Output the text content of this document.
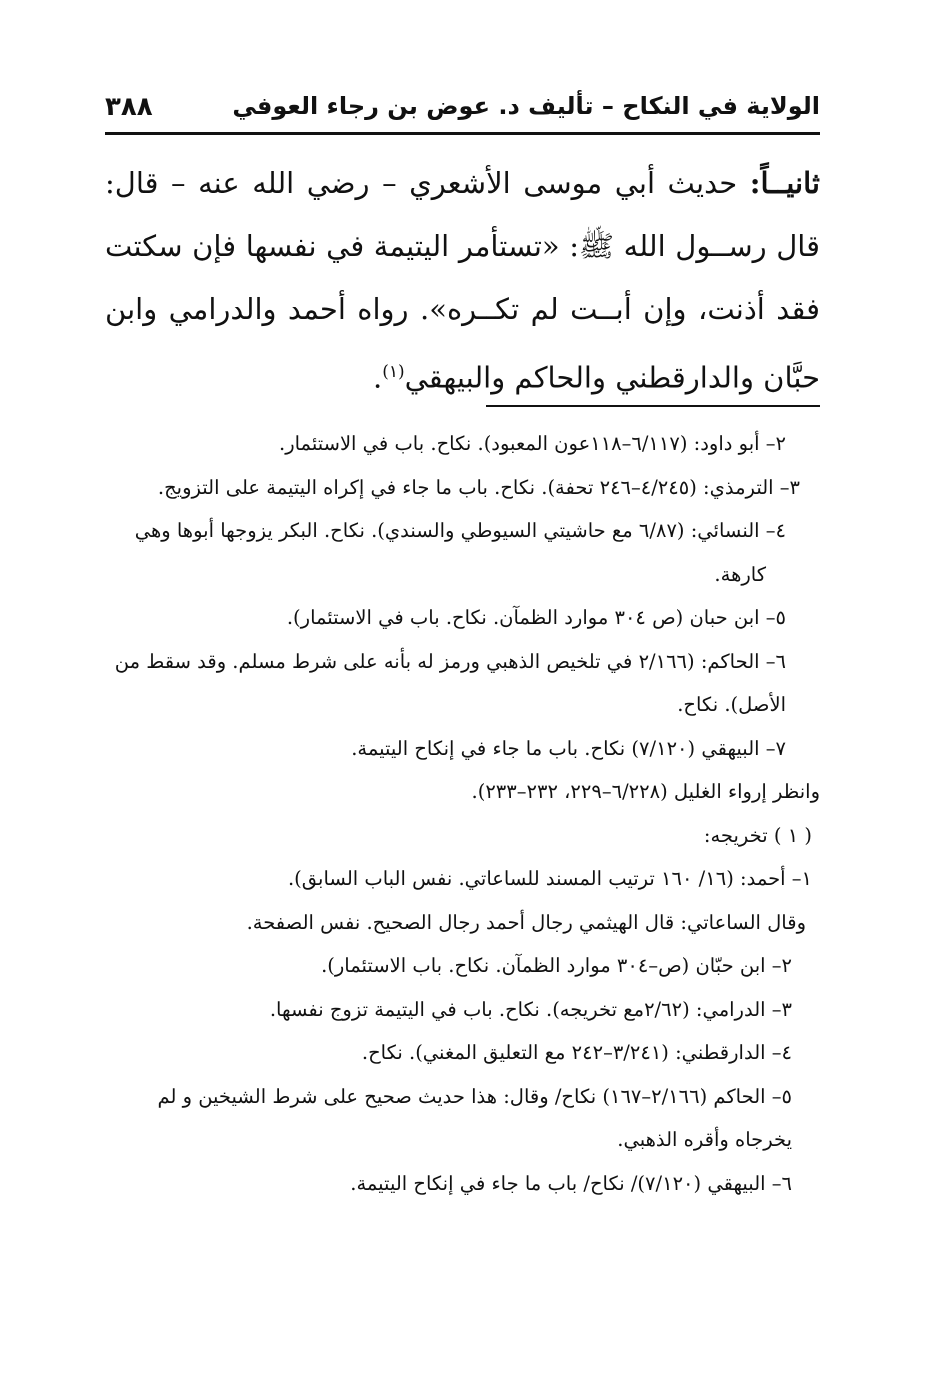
الولاية في النكاح – تأليف د. عوض بن رجاء العوفي
٣٨٨
ثانيــاً: حديث أبي موسى الأشعري – رضي الله عنه – قال: قال رســول الله ﷺ: «تستأمر اليتيمة في نفسها فإن سكتت فقد أذنت، وإن أبــت لم تكــره». رواه أحمد والدرامي وابن حبَّان والدارقطني والحاكم والبيهقي$^{(١)}$.
٢– أبو داود: (٦/١١٧–١١٨عون المعبود). نكاح. باب في الاستئمار.
٣– الترمذي: (٤/٢٤٥–٢٤٦ تحفة). نكاح. باب ما جاء في إكراه اليتيمة على التزويج.
٤– النسائي: (٦/٨٧ مع حاشيتي السيوطي والسندي). نكاح. البكر يزوجها أبوها وهي كارهة.
٥– ابن حبان (ص ٣٠٤ موارد الظمآن. نكاح. باب في الاستئمار).
٦– الحاكم: (٢/١٦٦ في تلخيص الذهبي ورمز له بأنه على شرط مسلم. وقد سقط من الأصل). نكاح.
٧– البيهقي (٧/١٢٠) نكاح. باب ما جاء في إنكاح اليتيمة.
وانظر إرواء الغليل (٦/٢٢٨–٢٢٩، ٢٣٢–٢٣٣).
( ١ ) تخريجه:
١– أحمد: (١٦/ ١٦٠ ترتيب المسند للساعاتي. نفس الباب السابق).
وقال الساعاتي: قال الهيثمي رجال أحمد رجال الصحيح. نفس الصفحة.
٢– ابن حبّان (ص–٣٠٤ موارد الظمآن. نكاح. باب الاستئمار).
٣– الدرامي: (٢/٦٢مع تخريجه). نكاح. باب في اليتيمة تزوج نفسها.
٤– الدارقطني: (٣/٢٤١–٢٤٢ مع التعليق المغني). نكاح.
٥– الحاكم (٢/١٦٦–١٦٧) نكاح/ وقال: هذا حديث صحيح على شرط الشيخين و لم يخرجاه وأقره الذهبي.
٦– البيهقي (٧/١٢٠)/ نكاح/ باب ما جاء في إنكاح اليتيمة.
